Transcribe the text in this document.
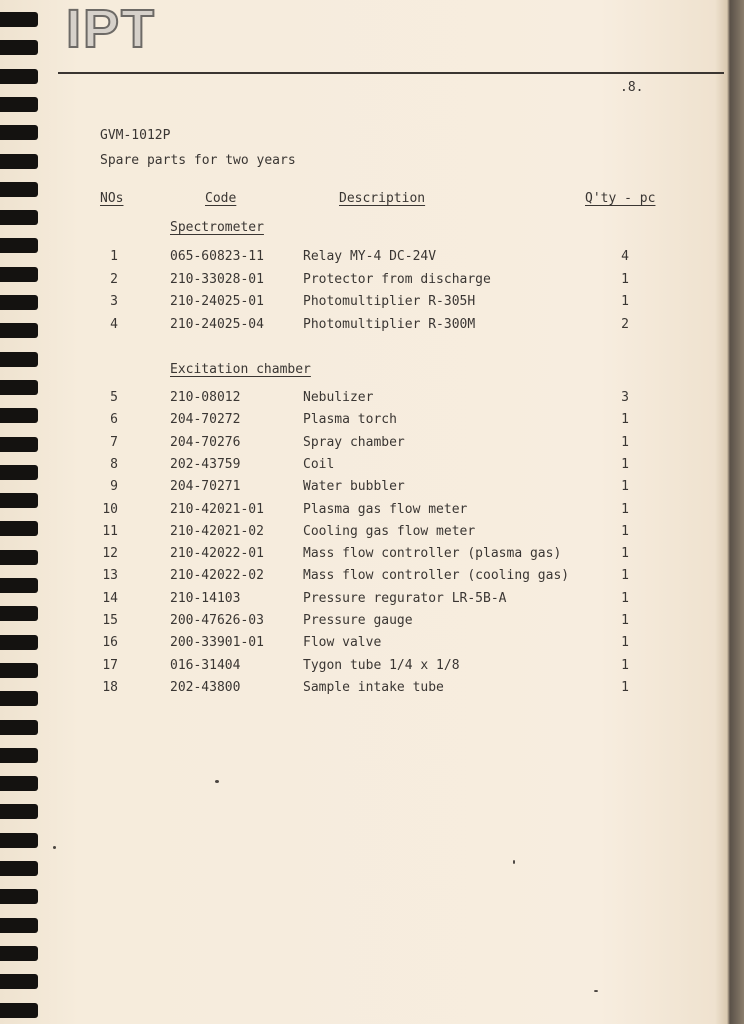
IPT
.8.
GVM-1012P
Spare parts for two years
NOs	Code	Description	Q'ty - pc
Spectrometer
1	065-60823-11	Relay MY-4 DC-24V	4
2	210-33028-01	Protector from discharge	1
3	210-24025-01	Photomultiplier R-305H	1
4	210-24025-04	Photomultiplier R-300M	2
Excitation chamber
5	210-08012	Nebulizer	3
6	204-70272	Plasma torch	1
7	204-70276	Spray chamber	1
8	202-43759	Coil	1
9	204-70271	Water bubbler	1
10	210-42021-01	Plasma gas flow meter	1
11	210-42021-02	Cooling gas flow meter	1
12	210-42022-01	Mass flow controller (plasma gas)	1
13	210-42022-02	Mass flow controller (cooling gas)	1
14	210-14103	Pressure regurator LR-5B-A	1
15	200-47626-03	Pressure gauge	1
16	200-33901-01	Flow valve	1
17	016-31404	Tygon tube 1/4 x 1/8	1
18	202-43800	Sample intake tube	1
